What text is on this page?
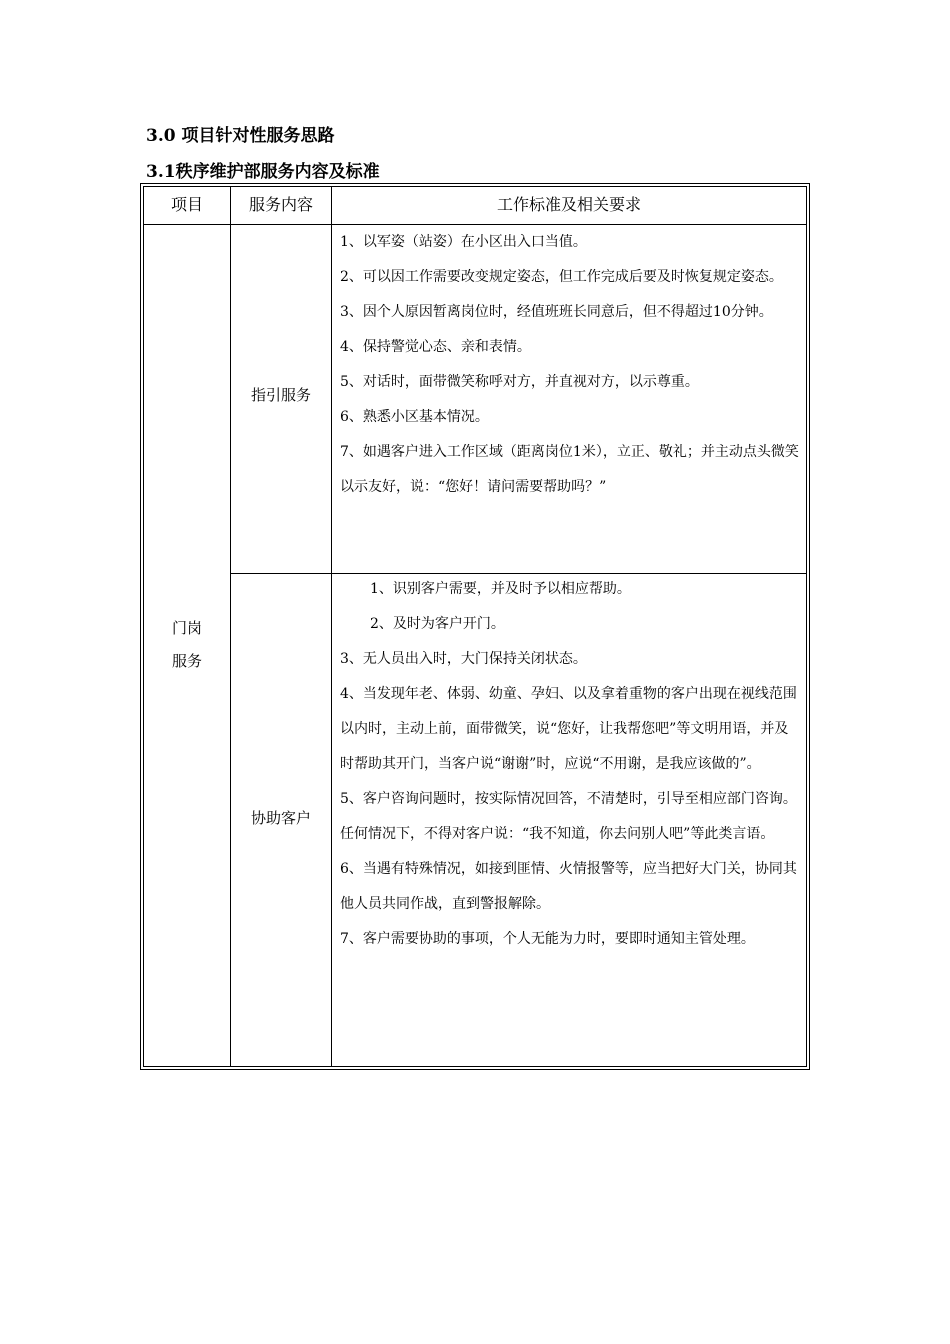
3.0 项目针对性服务思路
3.1秩序维护部服务内容及标准
项目	服务内容	工作标准及相关要求
门岗
服务
指引服务
协助客户
1、以军姿（站姿）在小区出入口当值。
2、可以因工作需要改变规定姿态，但工作完成后要及时恢复规定姿态。
3、因个人原因暂离岗位时，经值班班长同意后，但不得超过10分钟。
4、保持警觉心态、亲和表情。
5、对话时，面带微笑称呼对方，并直视对方，以示尊重。
6、熟悉小区基本情况。
7、如遇客户进入工作区域（距离岗位1米），立正、敬礼；并主动点头微笑以示友好，说：“您好！请问需要帮助吗？”
1、识别客户需要，并及时予以相应帮助。
2、及时为客户开门。
3、无人员出入时，大门保持关闭状态。
4、当发现年老、体弱、幼童、孕妇、以及拿着重物的客户出现在视线范围以内时，主动上前，面带微笑，说“您好，让我帮您吧”等文明用语，并及时帮助其开门，当客户说“谢谢”时，应说“不用谢，是我应该做的”。
5、客户咨询问题时，按实际情况回答，不清楚时，引导至相应部门咨询。任何情况下，不得对客户说：“我不知道，你去问别人吧”等此类言语。
6、当遇有特殊情况，如接到匪情、火情报警等，应当把好大门关，协同其他人员共同作战，直到警报解除。
7、客户需要协助的事项，个人无能为力时，要即时通知主管处理。
